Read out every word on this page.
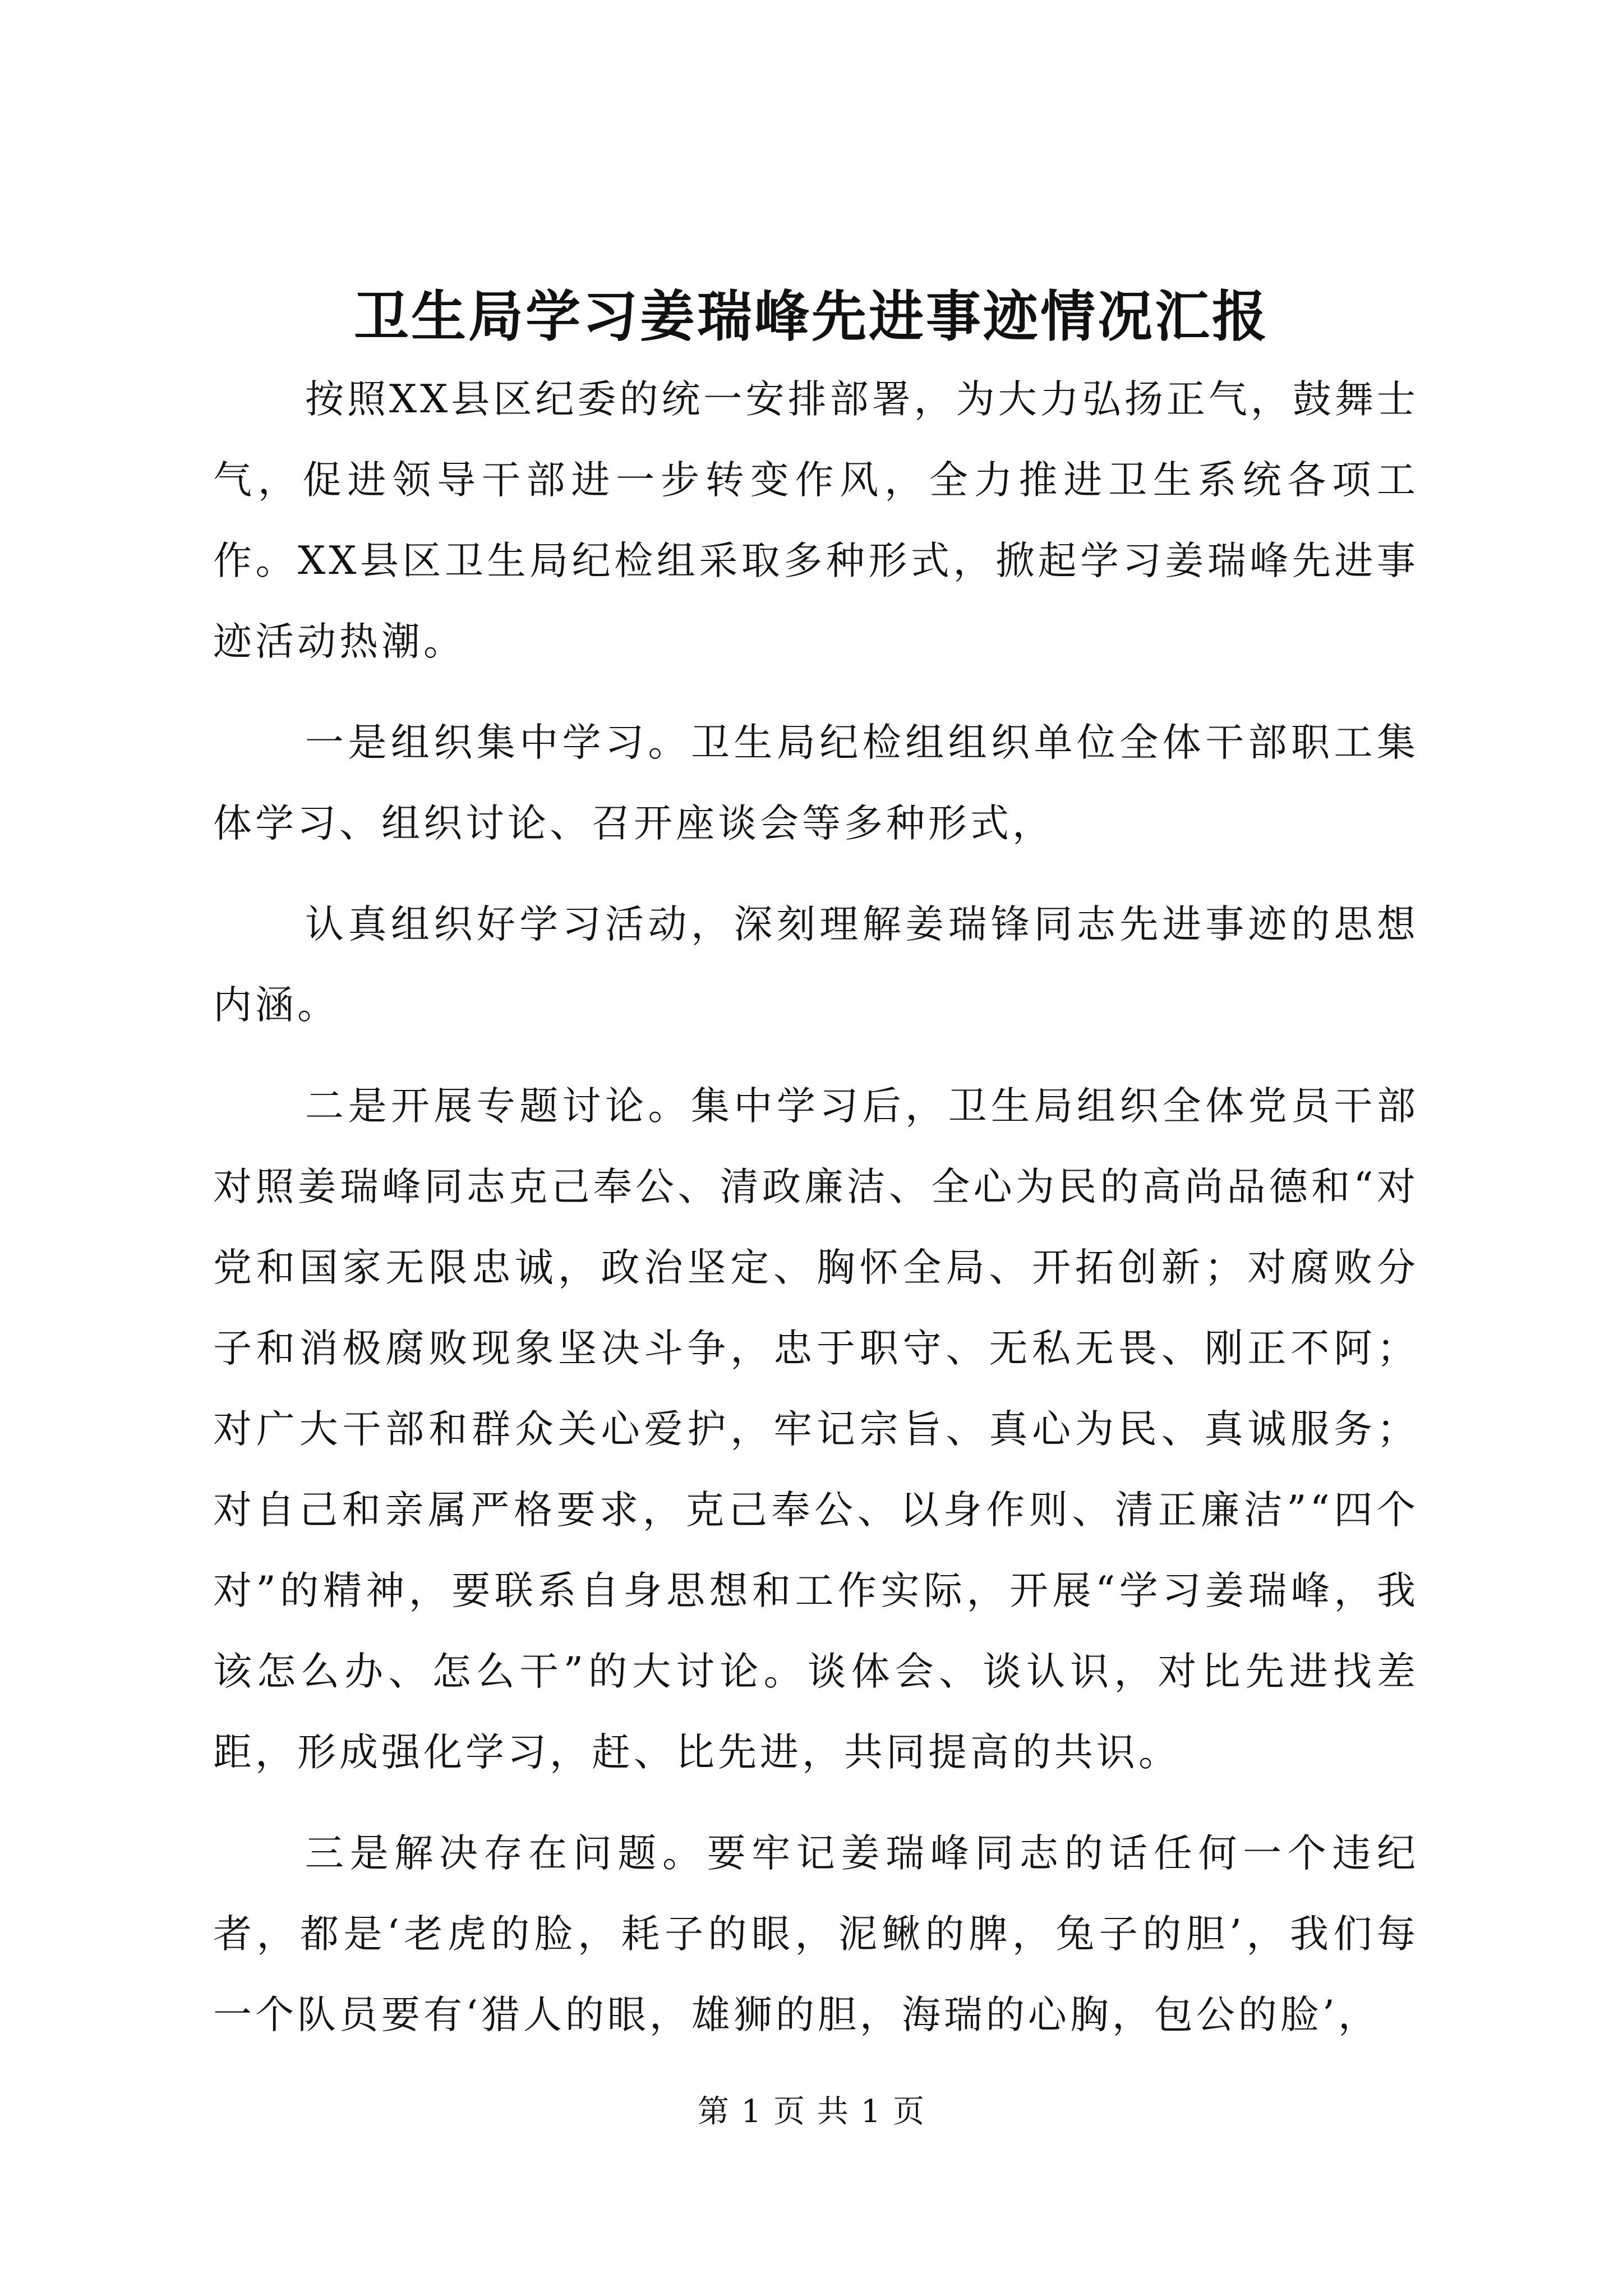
卫生局学习姜瑞峰先进事迹情况汇报

按照XX县区纪委的统一安排部署，为大力弘扬正气，鼓舞士气，促进领导干部进一步转变作风，全力推进卫生系统各项工作。XX县区卫生局纪检组采取多种形式，掀起学习姜瑞峰先进事迹活动热潮。

一是组织集中学习。卫生局纪检组组织单位全体干部职工集体学习、组织讨论、召开座谈会等多种形式，

认真组织好学习活动，深刻理解姜瑞锋同志先进事迹的思想内涵。

二是开展专题讨论。集中学习后，卫生局组织全体党员干部对照姜瑞峰同志克己奉公、清政廉洁、全心为民的高尚品德和“对党和国家无限忠诚，政治坚定、胸怀全局、开拓创新；对腐败分子和消极腐败现象坚决斗争，忠于职守、无私无畏、刚正不阿；对广大干部和群众关心爱护，牢记宗旨、真心为民、真诚服务；对自己和亲属严格要求，克己奉公、以身作则、清正廉洁”“四个对”的精神，要联系自身思想和工作实际，开展“学习姜瑞峰，我该怎么办、怎么干”的大讨论。谈体会、谈认识，对比先进找差距，形成强化学习，赶、比先进，共同提高的共识。

三是解决存在问题。要牢记姜瑞峰同志的话任何一个违纪者，都是‘老虎的脸，耗子的眼，泥鳅的脾，兔子的胆’，我们每一个队员要有‘猎人的眼，雄狮的胆，海瑞的心胸，包公的脸’，

第 1 页 共 1 页
